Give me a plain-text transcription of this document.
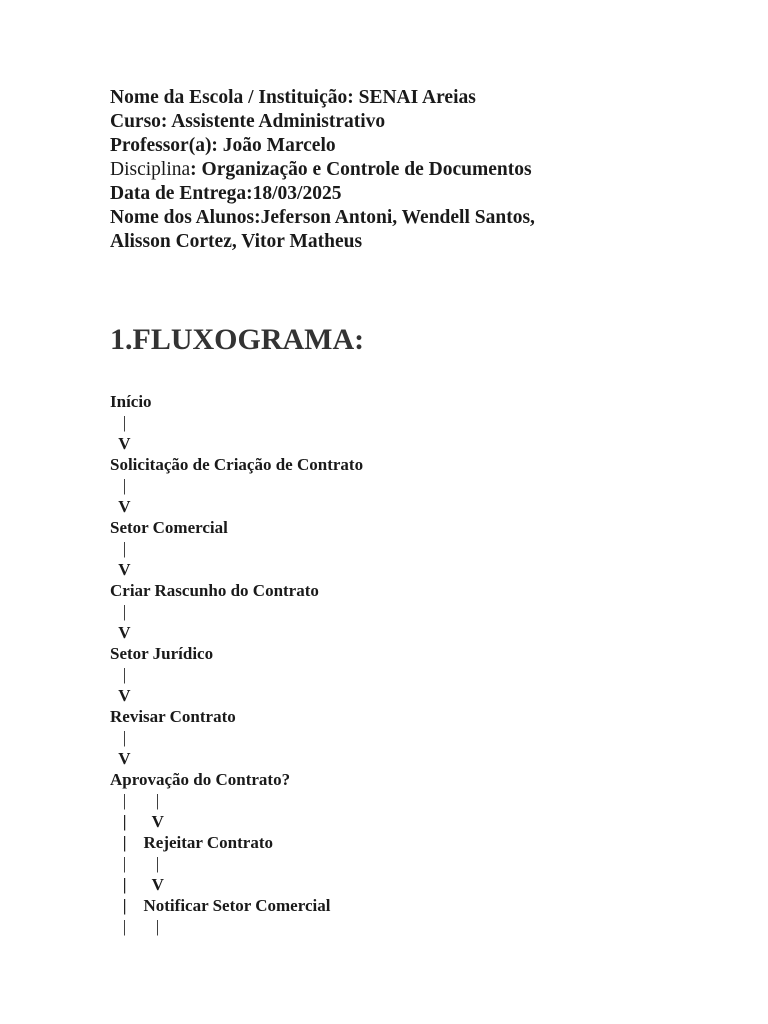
Nome da Escola / Instituição: SENAI Areias
Curso: Assistente Administrativo
Professor(a): João Marcelo
Disciplina: Organização e Controle de Documentos
Data de Entrega:18/03/2025
Nome dos Alunos:Jeferson Antoni, Wendell Santos,
Alisson Cortez, Vitor Matheus
1.FLUXOGRAMA:
Início
|
V
Solicitação de Criação de Contrato
|
V
Setor Comercial
|
V
Criar Rascunho do Contrato
|
V
Setor Jurídico
|
V
Revisar Contrato
|
V
Aprovação do Contrato?
|       |
|      V
|    Rejeitar Contrato
|       |
|      V
|    Notificar Setor Comercial
|       |
